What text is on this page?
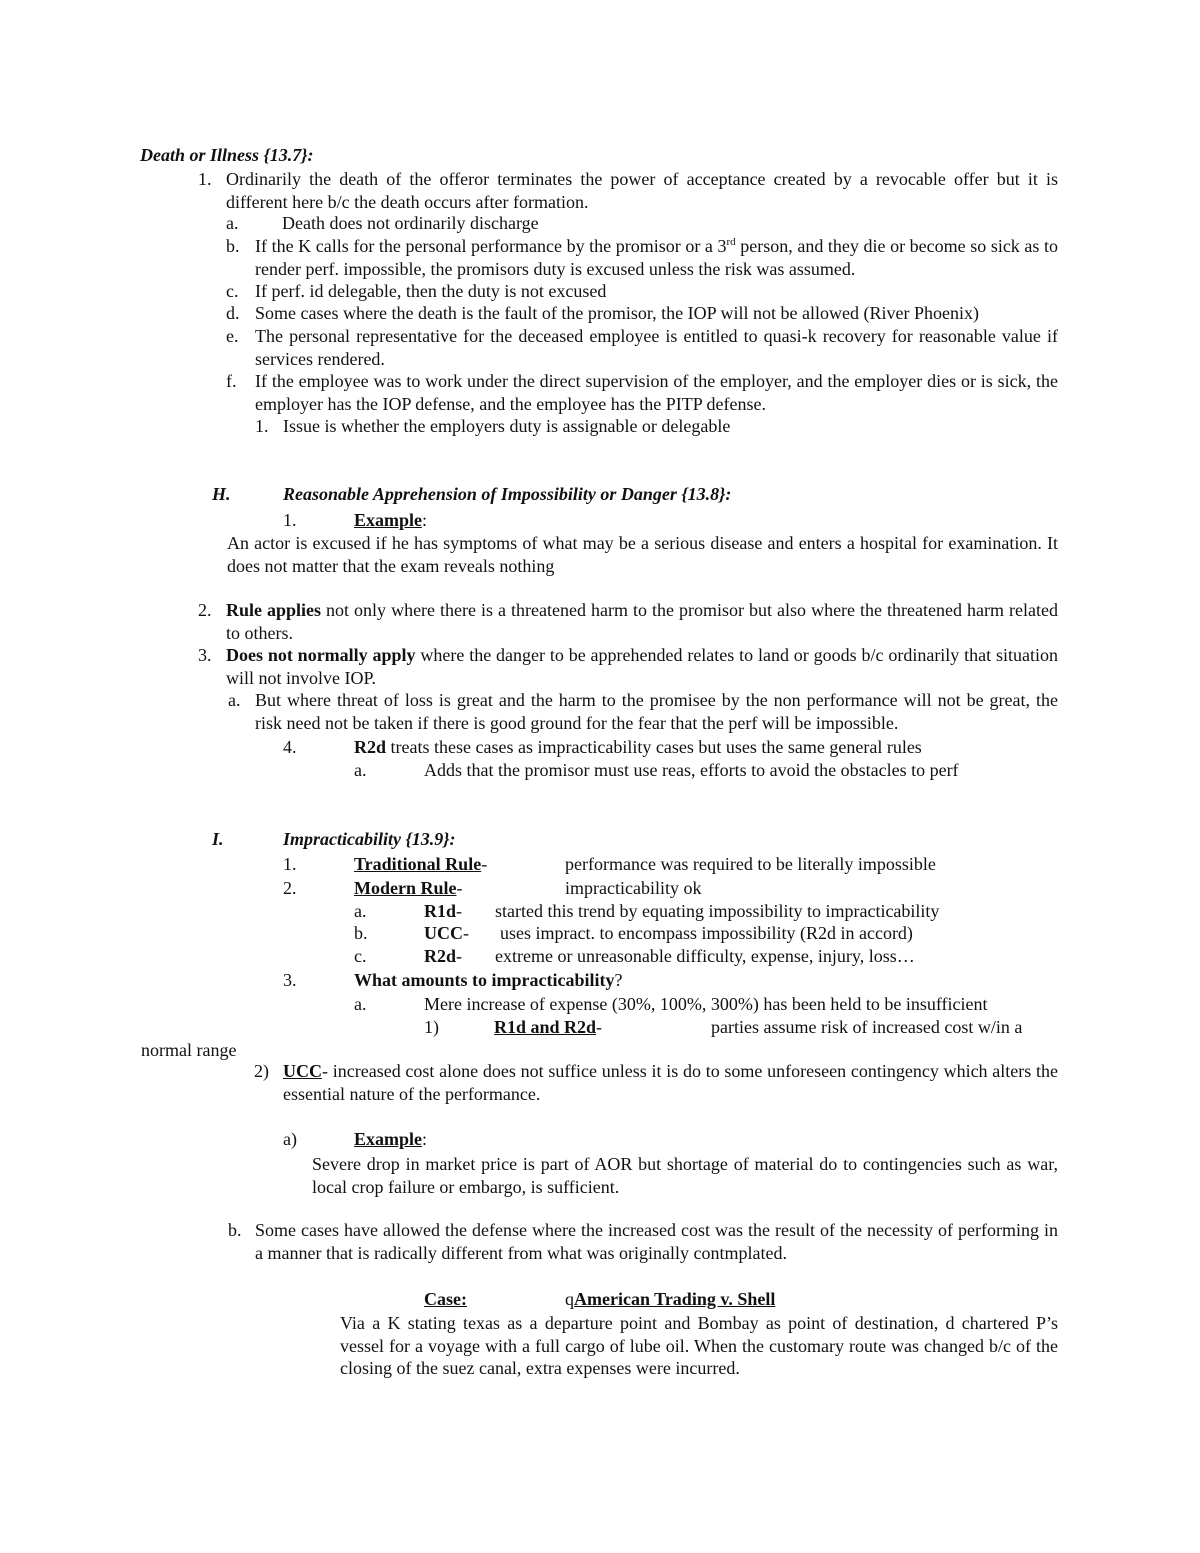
Death or Illness {13.7}:
1. Ordinarily the death of the offeror terminates the power of acceptance created by a revocable offer but it is different here b/c the death occurs after formation.
a. Death does not ordinarily discharge
b. If the K calls for the personal performance by the promisor or a 3rd person, and they die or become so sick as to render perf. impossible, the promisors duty is excused unless the risk was assumed.
c. If perf. id delegable, then the duty is not excused
d. Some cases where the death is the fault of the promisor, the IOP will not be allowed (River Phoenix)
e. The personal representative for the deceased employee is entitled to quasi-k recovery for reasonable value if services rendered.
f. If the employee was to work under the direct supervision of the employer, and the employer dies or is sick, the employer has the IOP defense, and the employee has the PITP defense.
1. Issue is whether the employers duty is assignable or delegable
H.	Reasonable Apprehension of Impossibility or Danger {13.8}:
1.	Example:
An actor is excused if he has symptoms of what may be a serious disease and enters a hospital for examination. It does not matter that the exam reveals nothing
2. Rule applies not only where there is a threatened harm to the promisor but also where the threatened harm related to others.
3. Does not normally apply where the danger to be apprehended relates to land or goods b/c ordinarily that situation will not involve IOP.
a. But where threat of loss is great and the harm to the promisee by the non performance will not be great, the risk need not be taken if there is good ground for the fear that the perf will be impossible.
4.	R2d treats these cases as impracticability cases but uses the same general rules
a.	Adds that the promisor must use reas, efforts to avoid the obstacles to perf
I.	Impracticability {13.9}:
1.	Traditional Rule-	performance was required to be literally impossible
2.	Modern Rule-	impracticability ok
a.	R1d- started this trend by equating impossibility to impracticability
b.	UCC- uses impract. to encompass impossibility (R2d in accord)
c.	R2d- extreme or unreasonable difficulty, expense, injury, loss…
3.	What amounts to impracticability?
a.	Mere increase of expense (30%, 100%, 300%) has been held to be insufficient
1)	R1d and R2d-	parties assume risk of increased cost w/in a
normal range
2) UCC- increased cost alone does not suffice unless it is do to some unforeseen contingency which alters the essential nature of the performance.
a)	Example:
Severe drop in market price is part of AOR but shortage of material do to contingencies such as war, local crop failure or embargo, is sufficient.
b. Some cases have allowed the defense where the increased cost was the result of the necessity of performing in a manner that is radically different from what was originally contmplated.
Case:	qAmerican Trading v. Shell
Via a K stating texas as a departure point and Bombay as point of destination, d chartered P’s vessel for a voyage with a full cargo of lube oil. When the customary route was changed b/c of the closing of the suez canal, extra expenses were incurred.
